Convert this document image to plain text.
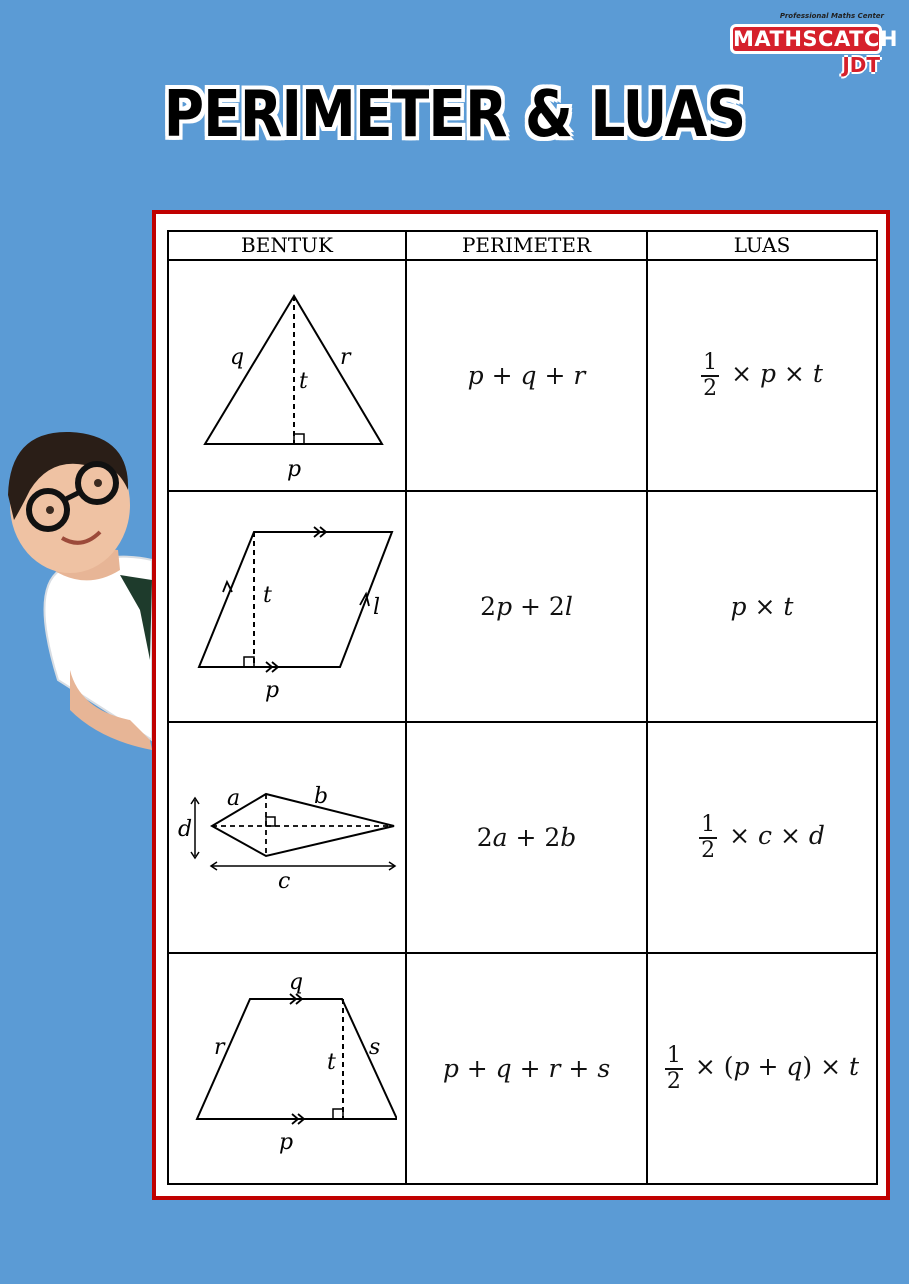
Professional Maths Center
MATHSCATCH
JDT
PERIMETER & LUAS
BENTUK	PERIMETER	LUAS

q r
t
p	p + q + r	$\frac{1}{2} \times p \times t$

t l
p	2p + 2l	p × t

a b
d
c	2a + 2b	$\frac{1}{2} \times c \times d$

q
r
t
s
p	p + q + r + s	$\frac{1}{2} \times (p + q) \times t$
